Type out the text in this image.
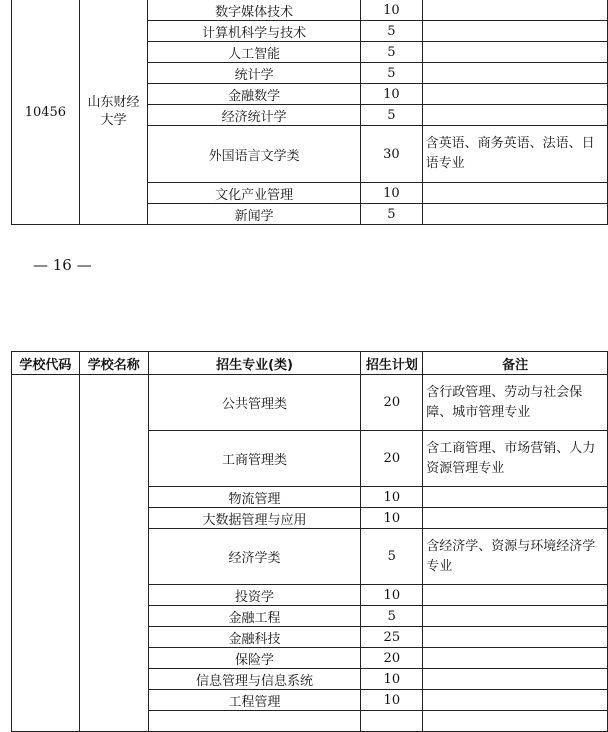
10456	山东财经大学	数字媒体技术	10	
		计算机科学与技术	5	
		人工智能	5	
		统计学	5	
		金融数学	10	
		经济统计学	5	
		外国语言文学类	30	含英语、商务英语、法语、日语专业
		文化产业管理	10	
		新闻学	5	
— 16 —
学校代码	学校名称	招生专业(类)	招生计划	备注
		公共管理类	20	含行政管理、劳动与社会保障、城市管理专业
		工商管理类	20	含工商管理、市场营销、人力资源管理专业
		物流管理	10	
		大数据管理与应用	10	
		经济学类	5	含经济学、资源与环境经济学专业
		投资学	10	
		金融工程	5	
		金融科技	25	
		保险学	20	
		信息管理与信息系统	10	
		工程管理	10	
